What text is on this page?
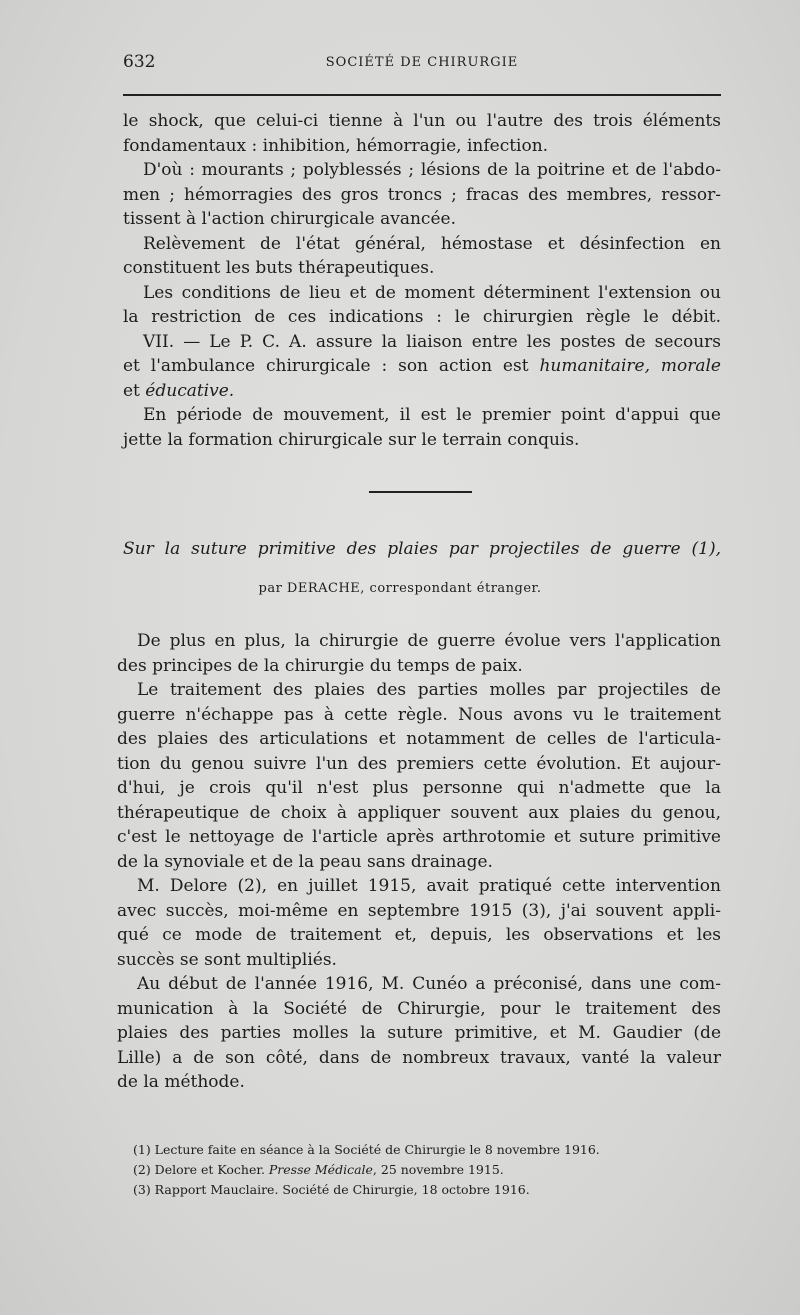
632	SOCIÉTÉ DE CHIRURGIE
le shock, que celui-ci tienne à l'un ou l'autre des trois éléments
fondamentaux : inhibition, hémorragie, infection.
D'où : mourants ; polyblessés ; lésions de la poitrine et de l'abdo-
men ; hémorragies des gros troncs ; fracas des membres, ressor-
tissent à l'action chirurgicale avancée.
Relèvement de l'état général, hémostase et désinfection en
constituent les buts thérapeutiques.
Les conditions de lieu et de moment déterminent l'extension ou
la restriction de ces indications : le chirurgien règle le débit.
VII. — Le P. C. A. assure la liaison entre les postes de secours
et l'ambulance chirurgicale : son action est humanitaire, morale
et éducative.
En période de mouvement, il est le premier point d'appui que
jette la formation chirurgicale sur le terrain conquis.
Sur la suture primitive des plaies par projectiles de guerre (1),
par DERACHE, correspondant étranger.
De plus en plus, la chirurgie de guerre évolue vers l'application
des principes de la chirurgie du temps de paix.
Le traitement des plaies des parties molles par projectiles de
guerre n'échappe pas à cette règle. Nous avons vu le traitement
des plaies des articulations et notamment de celles de l'articula-
tion du genou suivre l'un des premiers cette évolution. Et aujour-
d'hui, je crois qu'il n'est plus personne qui n'admette que la
thérapeutique de choix à appliquer souvent aux plaies du genou,
c'est le nettoyage de l'article après arthrotomie et suture primitive
de la synoviale et de la peau sans drainage.
M. Delore (2), en juillet 1915, avait pratiqué cette intervention
avec succès, moi-même en septembre 1915 (3), j'ai souvent appli-
qué ce mode de traitement et, depuis, les observations et les
succès se sont multipliés.
Au début de l'année 1916, M. Cunéo a préconisé, dans une com-
munication à la Société de Chirurgie, pour le traitement des
plaies des parties molles la suture primitive, et M. Gaudier (de
Lille) a de son côté, dans de nombreux travaux, vanté la valeur
de la méthode.
(1) Lecture faite en séance à la Société de Chirurgie le 8 novembre 1916.
(2) Delore et Kocher. Presse Médicale, 25 novembre 1915.
(3) Rapport Mauclaire. Société de Chirurgie, 18 octobre 1916.
